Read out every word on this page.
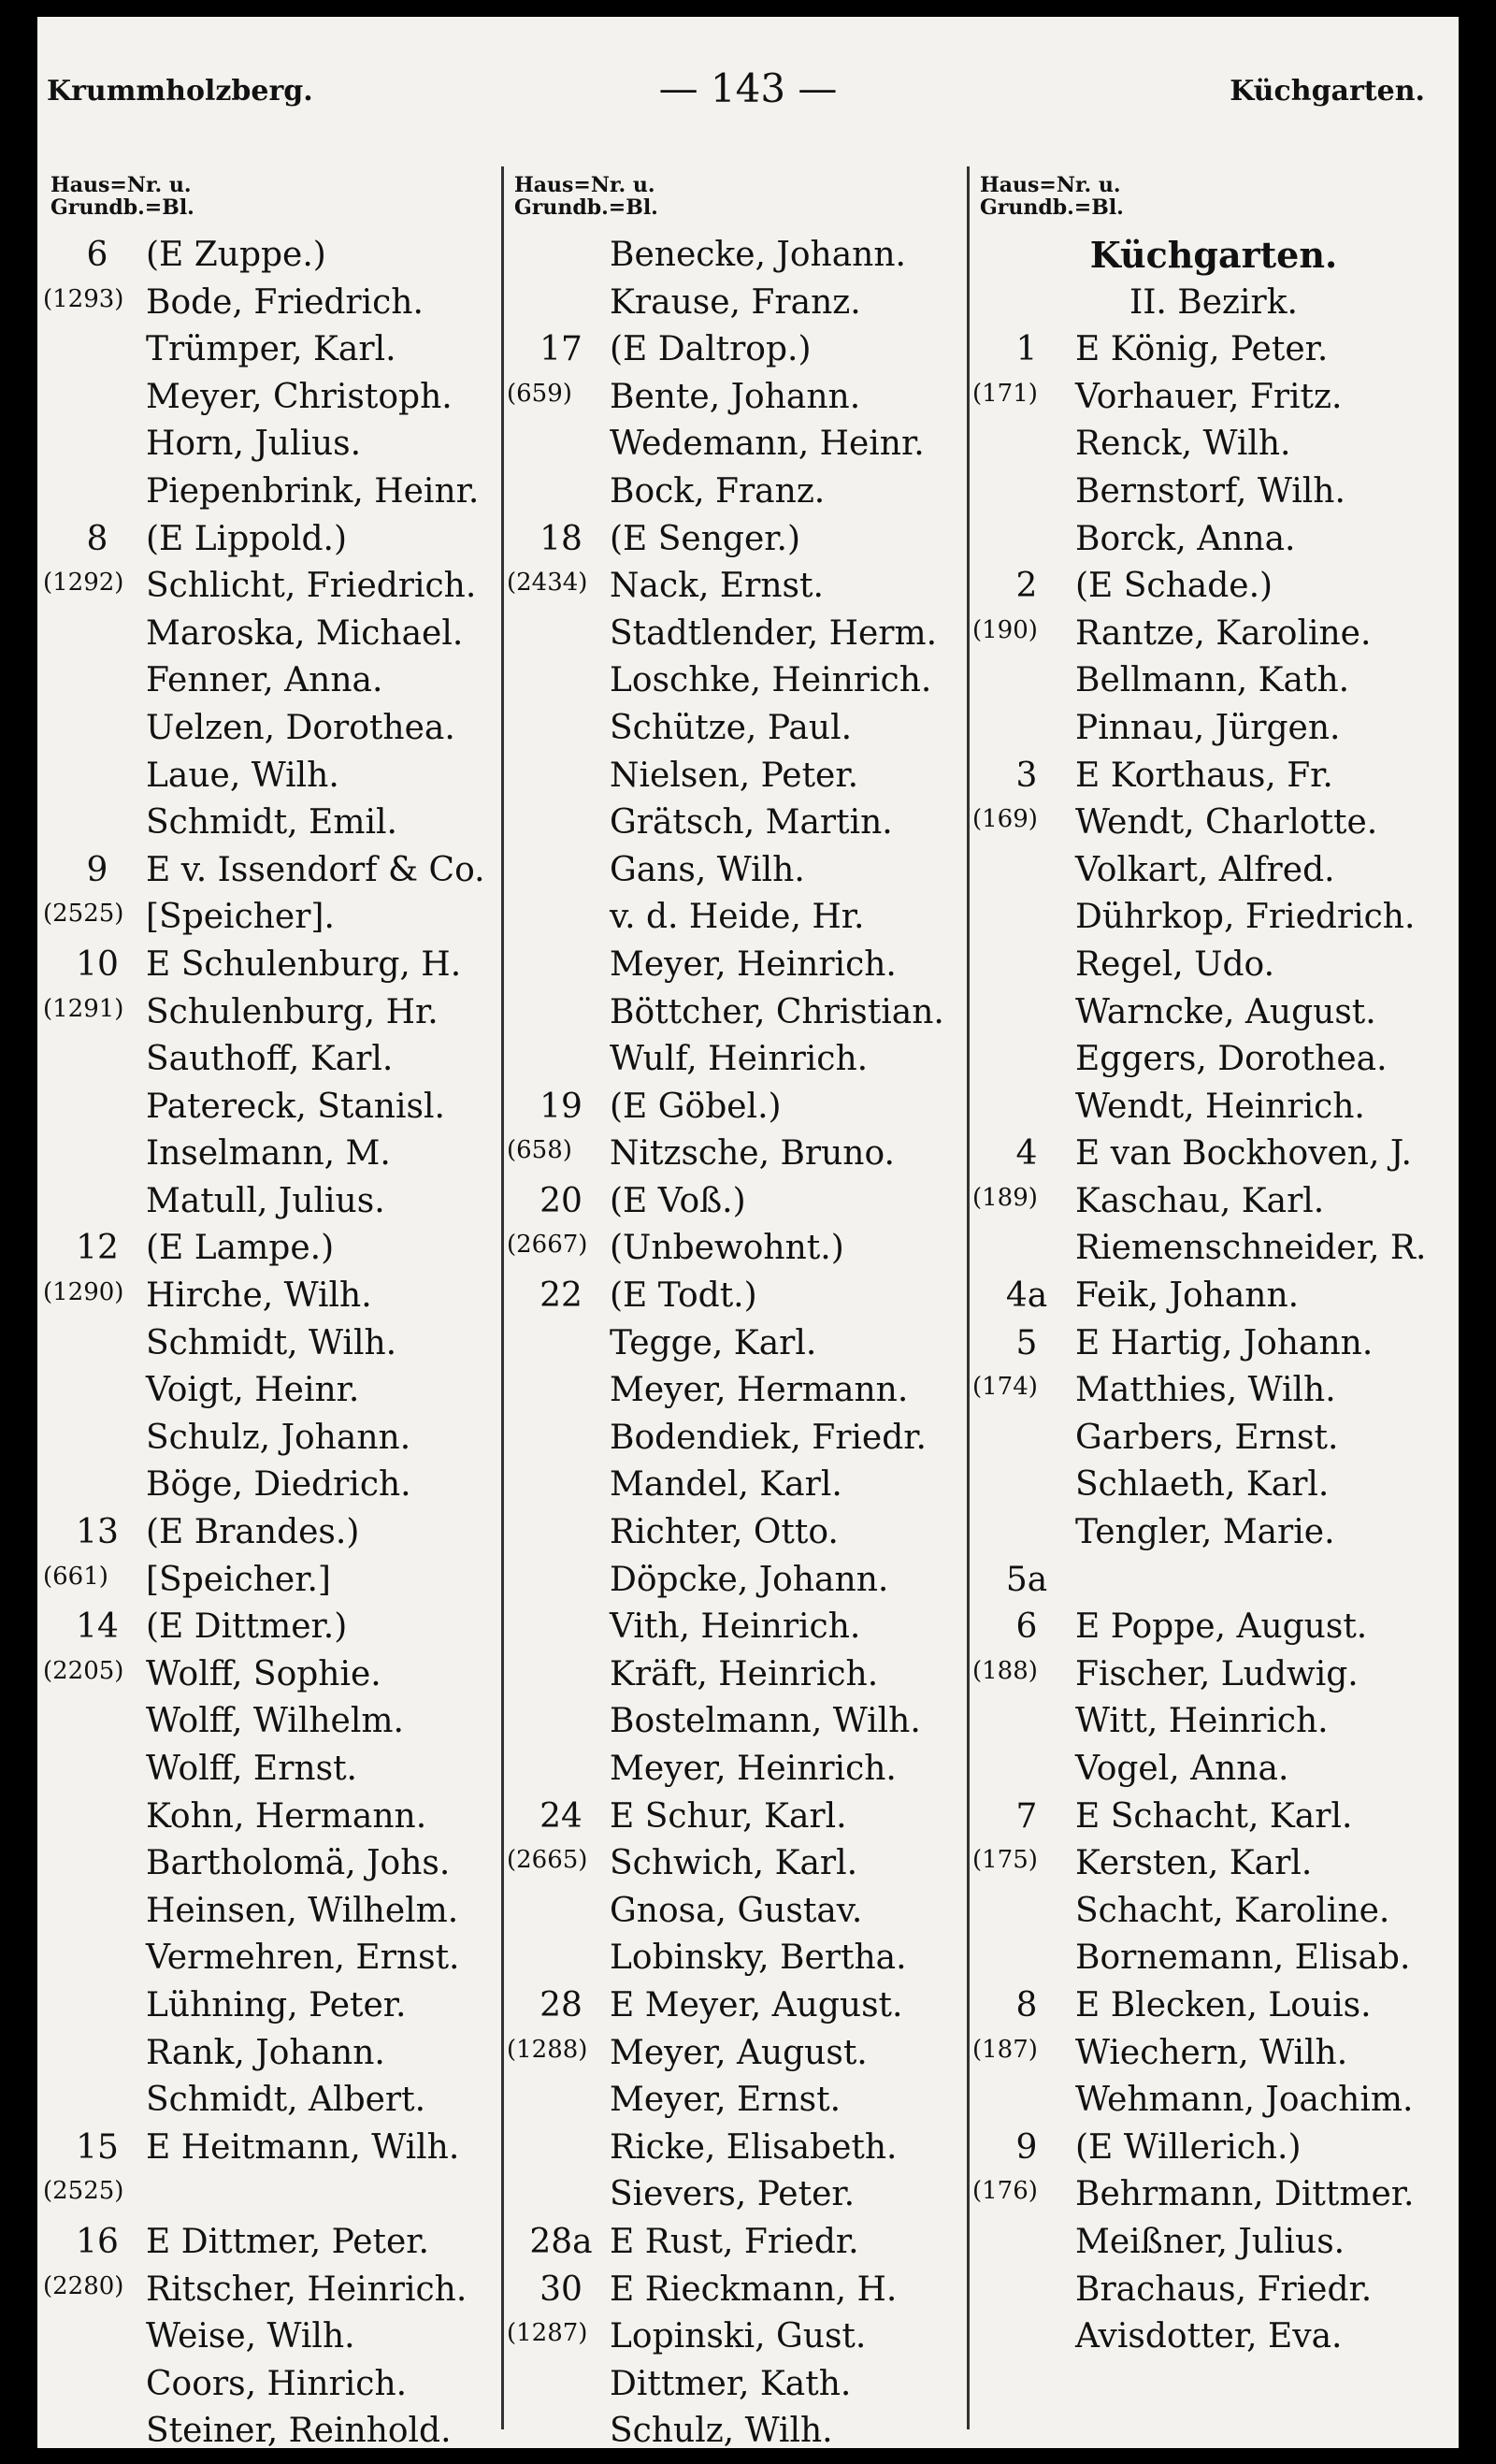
Krummholzberg.	— 143 —	Küchgarten.
Haus=Nr. u.
Grundb.=Bl.
6	(E Zuppe.)
(1293) Bode, Friedrich.
Trümper, Karl.
Meyer, Christoph.
Horn, Julius.
Piepenbrink, Heinr.
8	(E Lippold.)
(1292) Schlicht, Friedrich.
Maroska, Michael.
Fenner, Anna.
Uelzen, Dorothea.
Laue, Wilh.
Schmidt, Emil.
9	E v. Issendorf & Co.
(2525) [Speicher].
10 E Schulenburg, H.
(1291) Schulenburg, Hr.
Sauthoff, Karl.
Patereck, Stanisl.
Inselmann, M.
Matull, Julius.
12 (E Lampe.)
(1290) Hirche, Wilh.
Schmidt, Wilh.
Voigt, Heinr.
Schulz, Johann.
Böge, Diedrich.
13 (E Brandes.)
(661) [Speicher.]
14 (E Dittmer.)
(2205) Wolff, Sophie.
Wolff, Wilhelm.
Wolff, Ernst.
Kohn, Hermann.
Bartholomä, Johs.
Heinsen, Wilhelm.
Vermehren, Ernst.
Lühning, Peter.
Rank, Johann.
Schmidt, Albert.
15 E Heitmann, Wilh.
(2525)
16 E Dittmer, Peter.
(2280) Ritscher, Heinrich.
Weise, Wilh.
Coors, Hinrich.
Steiner, Reinhold.
Haus=Nr. u.
Grundb.=Bl.
Benecke, Johann.
Krause, Franz.
17 (E Daltrop.)
(659) Bente, Johann.
Wedemann, Heinr.
Bock, Franz.
18 (E Senger.)
(2434) Nack, Ernst.
Stadtlender, Herm.
Loschke, Heinrich.
Schütze, Paul.
Nielsen, Peter.
Grätsch, Martin.
Gans, Wilh.
v. d. Heide, Hr.
Meyer, Heinrich.
Böttcher, Christian.
Wulf, Heinrich.
19 (E Göbel.)
(658) Nitzsche, Bruno.
20 (E Voß.)
(2667) (Unbewohnt.)
22 (E Todt.)
Tegge, Karl.
Meyer, Hermann.
Bodendiek, Friedr.
Mandel, Karl.
Richter, Otto.
Döpcke, Johann.
Vith, Heinrich.
Kräft, Heinrich.
Bostelmann, Wilh.
Meyer, Heinrich.
24 E Schur, Karl.
(2665) Schwich, Karl.
Gnosa, Gustav.
Lobinsky, Bertha.
28 E Meyer, August.
(1288) Meyer, August.
Meyer, Ernst.
Ricke, Elisabeth.
Sievers, Peter.
28a E Rust, Friedr.
30 E Rieckmann, H.
(1287) Lopinski, Gust.
Dittmer, Kath.
Schulz, Wilh.
Haus=Nr. u.
Grundb.=Bl.
Küchgarten.
II. Bezirk.
1	E König, Peter.
(171) Vorhauer, Fritz.
Renck, Wilh.
Bernstorf, Wilh.
Borck, Anna.
2	(E Schade.)
(190) Rantze, Karoline.
Bellmann, Kath.
Pinnau, Jürgen.
3	E Korthaus, Fr.
(169) Wendt, Charlotte.
Volkart, Alfred.
Dührkop, Friedrich.
Regel, Udo.
Warncke, August.
Eggers, Dorothea.
Wendt, Heinrich.
4	E van Bockhoven, J.
(189) Kaschau, Karl.
Riemenschneider, R.
4a Feik, Johann.
5	E Hartig, Johann.
(174) Matthies, Wilh.
Garbers, Ernst.
Schlaeth, Karl.
Tengler, Marie.
5a
6	E Poppe, August.
(188) Fischer, Ludwig.
Witt, Heinrich.
Vogel, Anna.
7	E Schacht, Karl.
(175) Kersten, Karl.
Schacht, Karoline.
Bornemann, Elisab.
8	E Blecken, Louis.
(187) Wiechern, Wilh.
Wehmann, Joachim.
9	(E Willerich.)
(176) Behrmann, Dittmer.
Meißner, Julius.
Brachaus, Friedr.
Avisdotter, Eva.
